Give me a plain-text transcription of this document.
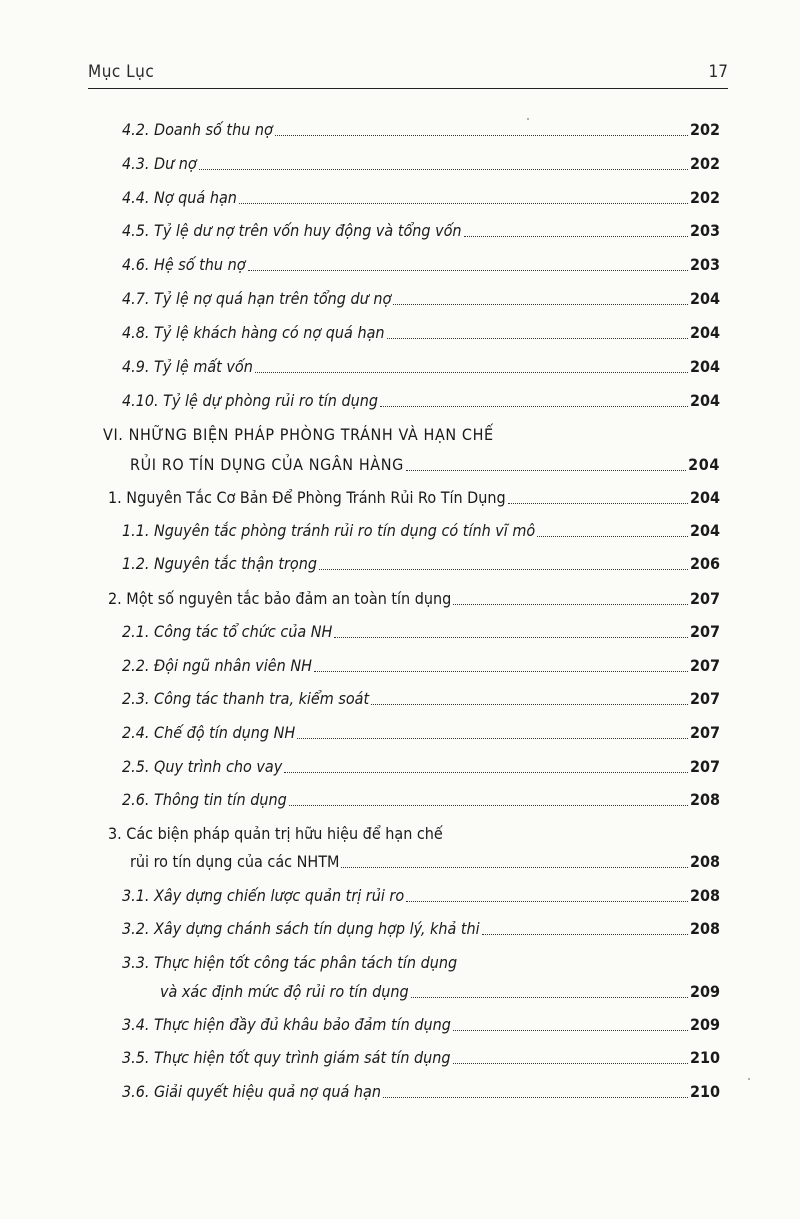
Mục Lục	17
4.2. Doanh số thu nợ	202
4.3. Dư nợ	202
4.4. Nợ quá hạn	202
4.5. Tỷ lệ dư nợ trên vốn huy động và tổng vốn	203
4.6. Hệ số thu nợ	203
4.7. Tỷ lệ nợ quá hạn trên tổng dư nợ	204
4.8. Tỷ lệ khách hàng có nợ quá hạn	204
4.9. Tỷ lệ mất vốn	204
4.10. Tỷ lệ dự phòng rủi ro tín dụng	204
VI. NHỮNG BIỆN PHÁP PHÒNG TRÁNH VÀ HẠN CHẾ
RỦI RO TÍN DỤNG CỦA NGÂN HÀNG	204
1. Nguyên Tắc Cơ Bản Để Phòng Tránh Rủi Ro Tín Dụng	204
1.1. Nguyên tắc phòng tránh rủi ro tín dụng có tính vĩ mô	204
1.2. Nguyên tắc thận trọng	206
2. Một số nguyên tắc bảo đảm an toàn tín dụng	207
2.1. Công tác tổ chức của NH	207
2.2. Đội ngũ nhân viên NH	207
2.3. Công tác thanh tra, kiểm soát	207
2.4. Chế độ tín dụng NH	207
2.5. Quy trình cho vay	207
2.6. Thông tin tín dụng	208
3. Các biện pháp quản trị hữu hiệu để hạn chế
rủi ro tín dụng của các NHTM	208
3.1. Xây dựng chiến lược quản trị rủi ro	208
3.2. Xây dựng chánh sách tín dụng hợp lý, khả thi	208
3.3. Thực hiện tốt công tác phân tách tín dụng
và xác định mức độ rủi ro tín dụng	209
3.4. Thực hiện đầy đủ khâu bảo đảm tín dụng	209
3.5. Thực hiện tốt quy trình giám sát tín dụng	210
3.6. Giải quyết hiệu quả nợ quá hạn	210
